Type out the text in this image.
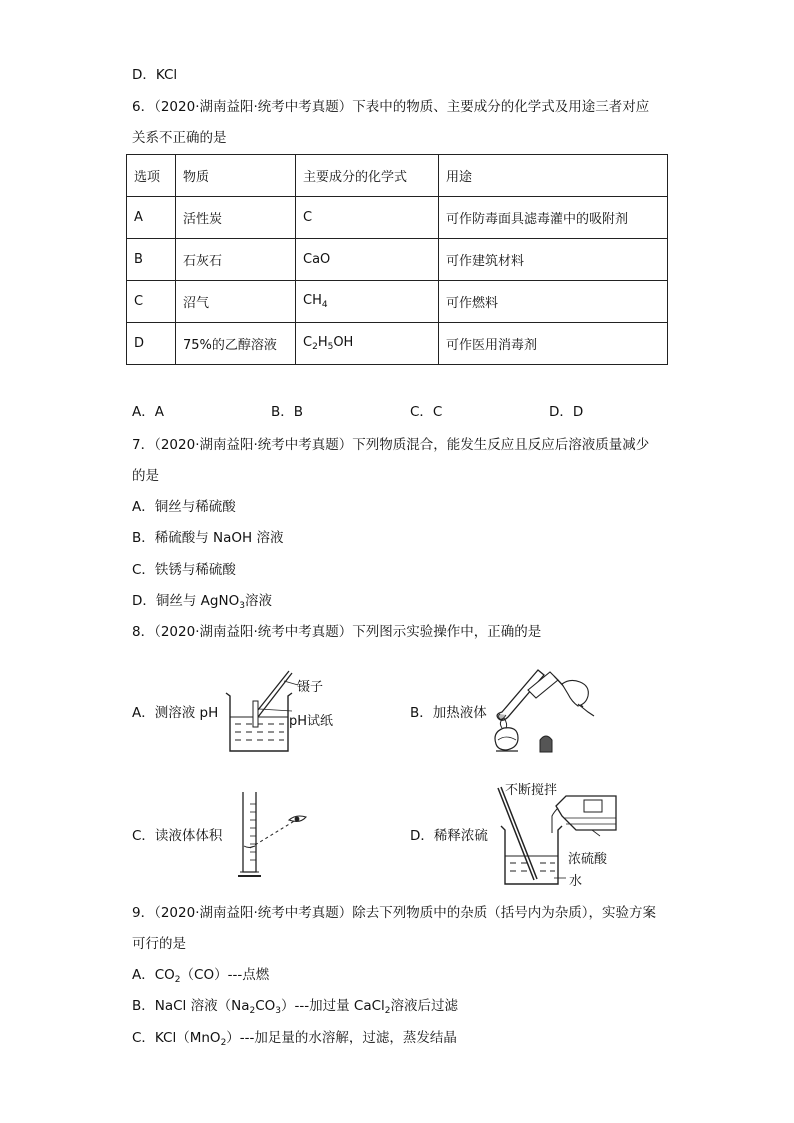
D．KCl
6．（2020·湖南益阳·统考中考真题）下表中的物质、主要成分的化学式及用途三者对应
关系不正确的是
选项	物质	主要成分的化学式	用途
A	活性炭	C	可作防毒面具滤毒灌中的吸附剂
B	石灰石	CaO	可作建筑材料
C	沼气	$CH_4$	可作燃料
D	75%的乙醇溶液	$C_2H_5OH$	可作医用消毒剂
A．A	B．B	C．C	D．D
7．（2020·湖南益阳·统考中考真题）下列物质混合，能发生反应且反应后溶液质量减少
的是
A．铜丝与稀硫酸
B．稀硫酸与 NaOH 溶液
C．铁锈与稀硫酸
D．铜丝与 AgNO$_3$溶液
8．（2020·湖南益阳·统考中考真题）下列图示实验操作中，正确的是
A．测溶液 pH
镊子
pH试纸
B．加热液体
C．读液体体积	D．稀释浓硫
不断搅拌
浓硫酸
水
9．（2020·湖南益阳·统考中考真题）除去下列物质中的杂质（括号内为杂质），实验方案
可行的是
A．$CO_2(CO)---$点燃
B．NaCl 溶液$(Na_2CO_3)---$加过量 CaCl$_2$溶液后过滤
C．KCl（MnO$_2$）---加足量的水溶解，过滤，蒸发结晶
